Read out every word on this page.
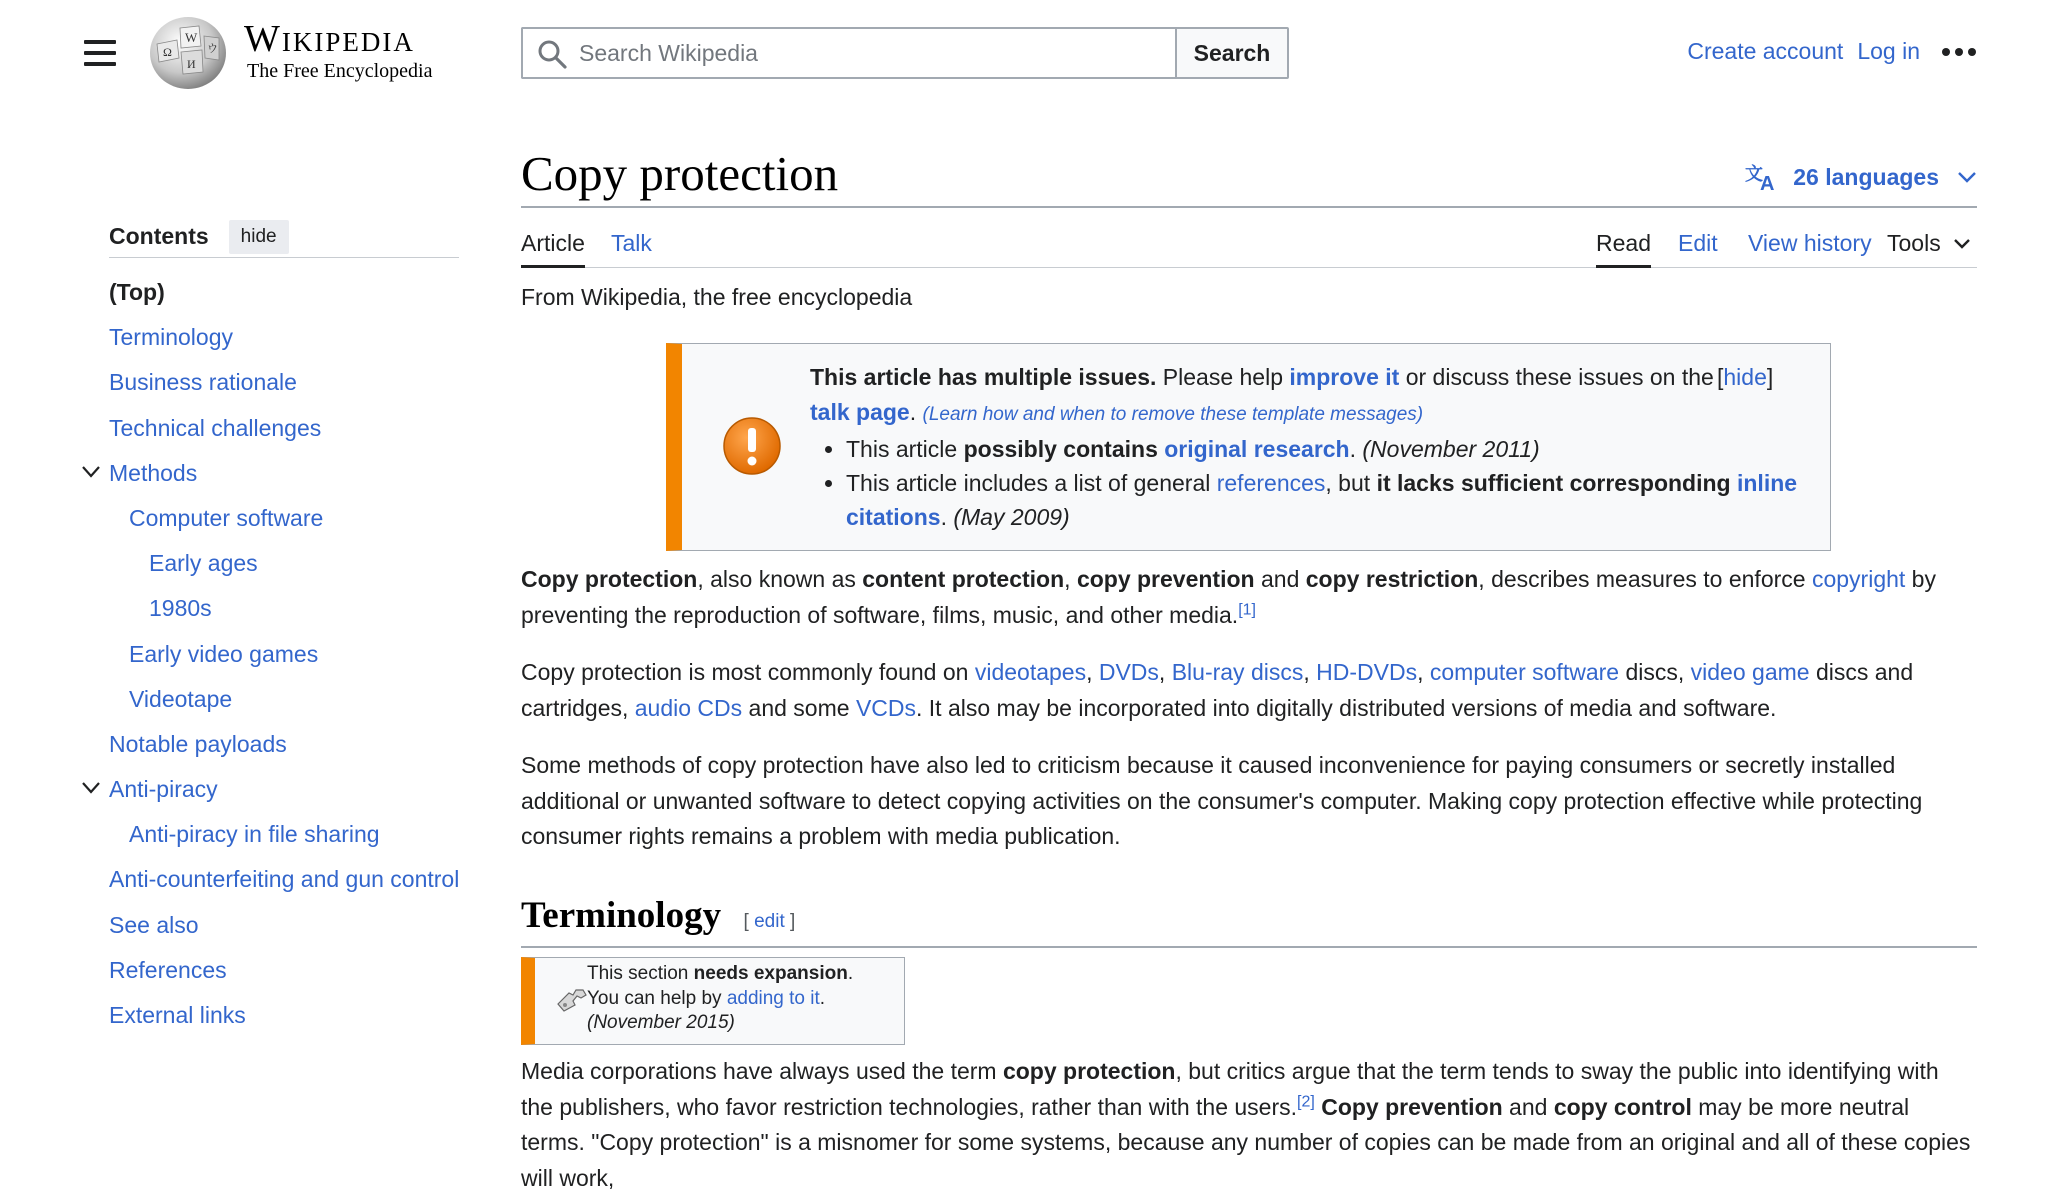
Ω
W
И
ウ Wikipedia
The Free Encyclopedia
Search Wikipedia
Search	Create account Log in
Contents	hide
(Top)
Terminology
Business rationale
Technical challenges
Methods
Computer software
Early ages
1980s
Early video games
Videotape
Notable payloads
Anti-piracy
Anti-piracy in file sharing
Anti-counterfeiting and gun control
See also
References
External links
Copy protection	文
A 26 languages
Article Talk	Read Edit View history Tools
From Wikipedia, the free encyclopedia
This article has multiple issues. Please help improve it or discuss these issues on the
talk page. (Learn how and when to remove these template messages)
• This article possibly contains original research. (November 2011)
• This article includes a list of general references, but it lacks sufficient corresponding inline citations. (May 2009)
[hide]

Copy protection, also known as content protection, copy prevention and copy restriction, describes measures to enforce copyright by preventing the reproduction of software, films, music, and other media.[1]

Copy protection is most commonly found on videotapes, DVDs, Blu-ray discs, HD-DVDs, computer software discs, video game discs and cartridges, audio CDs and some VCDs. It also may be incorporated into digitally distributed versions of media and software.

Some methods of copy protection have also led to criticism because it caused inconvenience for paying consumers or secretly installed additional or unwanted software to detect copying activities on the consumer's computer. Making copy protection effective while protecting consumer rights remains a problem with media publication.

Terminology [ edit ]
This section needs expansion.
You can help by adding to it.
(November 2015)

Media corporations have always used the term copy protection, but critics argue that the term tends to sway the public into identifying with the publishers, who favor restriction technologies, rather than with the users.[2] Copy prevention and copy control may be more neutral terms. "Copy protection" is a misnomer for some systems, because any number of copies can be made from an original and all of these copies will work,
